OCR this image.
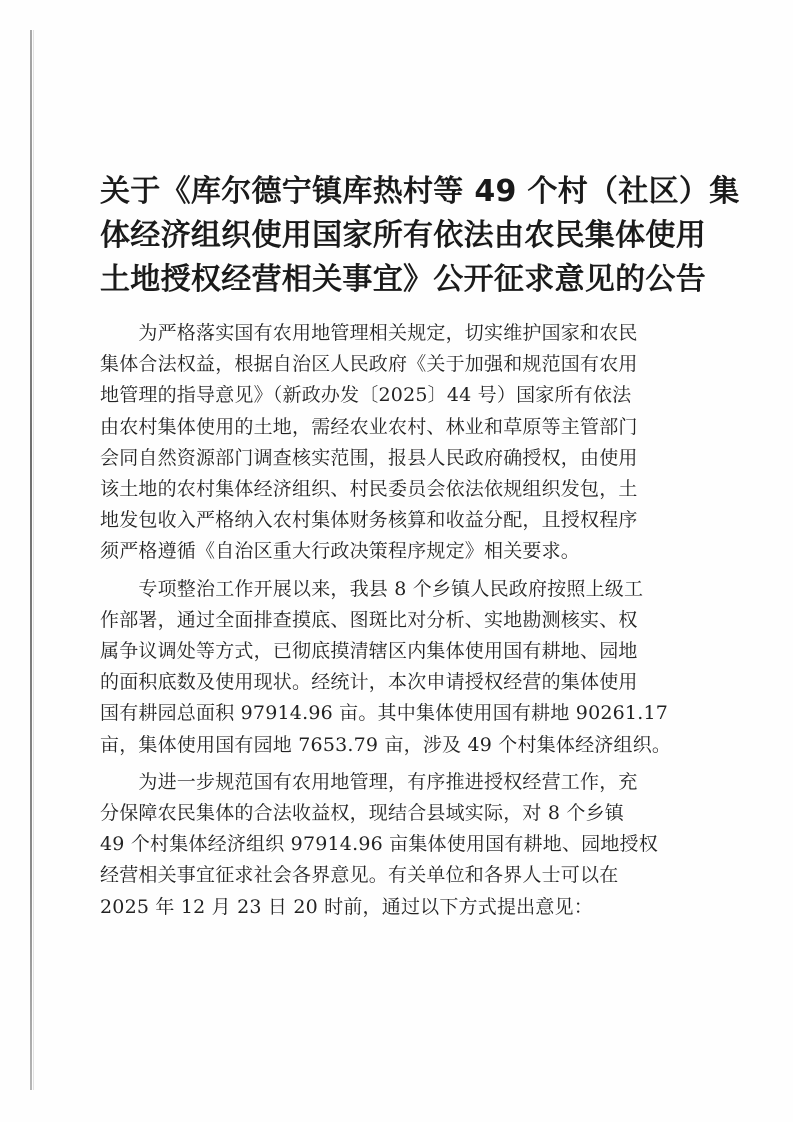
关于《库尔德宁镇库热村等 49 个村（社区）集
体经济组织使用国家所有依法由农民集体使用
土地授权经营相关事宜》公开征求意见的公告
　　为严格落实国有农用地管理相关规定，切实维护国家和农民
集体合法权益，根据自治区人民政府《关于加强和规范国有农用
地管理的指导意见》（新政办发〔2025〕44 号）国家所有依法
由农村集体使用的土地，需经农业农村、林业和草原等主管部门
会同自然资源部门调查核实范围，报县人民政府确授权，由使用
该土地的农村集体经济组织、村民委员会依法依规组织发包，土
地发包收入严格纳入农村集体财务核算和收益分配，且授权程序
须严格遵循《自治区重大行政决策程序规定》相关要求。
　　专项整治工作开展以来，我县 8 个乡镇人民政府按照上级工
作部署，通过全面排查摸底、图斑比对分析、实地勘测核实、权
属争议调处等方式，已彻底摸清辖区内集体使用国有耕地、园地
的面积底数及使用现状。经统计，本次申请授权经营的集体使用
国有耕园总面积 97914.96 亩。其中集体使用国有耕地 90261.17
亩，集体使用国有园地 7653.79 亩，涉及 49 个村集体经济组织。
　　为进一步规范国有农用地管理，有序推进授权经营工作，充
分保障农民集体的合法收益权，现结合县域实际，对 8 个乡镇
49 个村集体经济组织 97914.96 亩集体使用国有耕地、园地授权
经营相关事宜征求社会各界意见。有关单位和各界人士可以在
2025 年 12 月 23 日 20 时前，通过以下方式提出意见：
